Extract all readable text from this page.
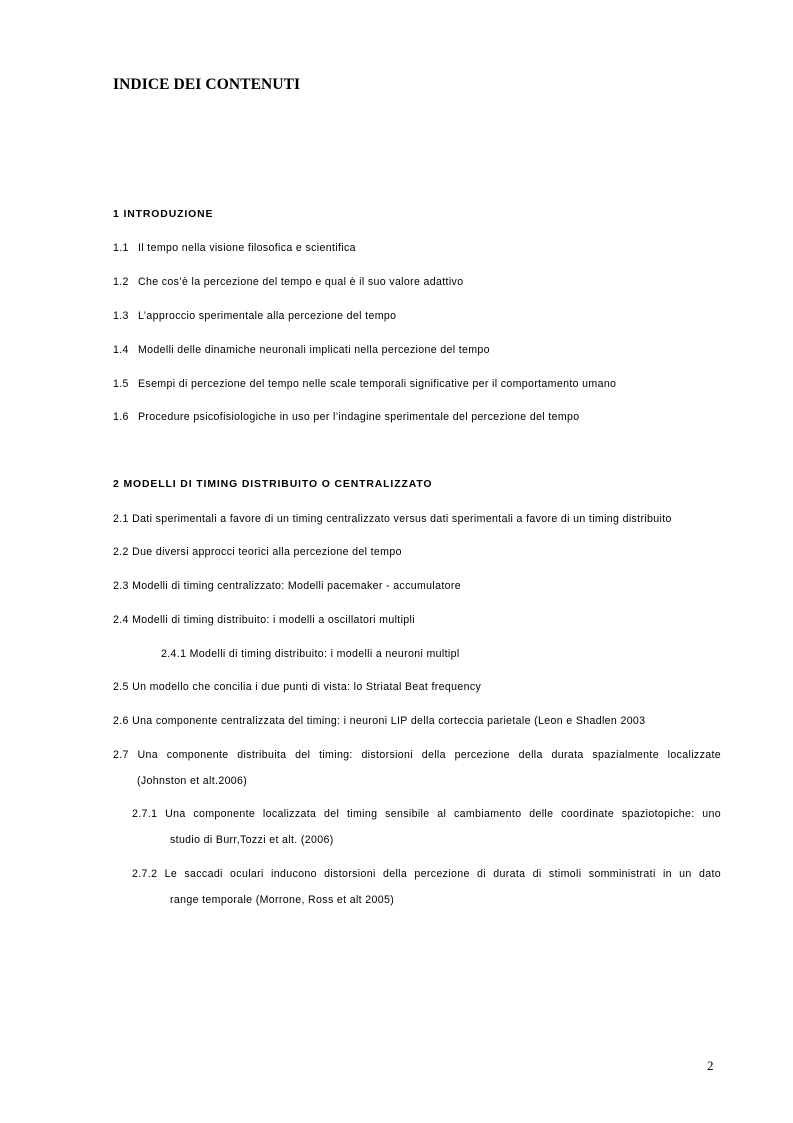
INDICE DEI CONTENUTI
1 INTRODUZIONE
1.1 Il tempo nella visione filosofica e scientifica
1.2 Che cos’è la percezione del tempo e qual è il suo valore adattivo
1.3 L’approccio sperimentale alla percezione del tempo
1.4 Modelli delle dinamiche neuronali implicati nella percezione del tempo
1.5 Esempi di percezione del tempo nelle scale temporali significative per il comportamento umano
1.6 Procedure psicofisiologiche in uso per l’indagine sperimentale del percezione del tempo
2 MODELLI DI TIMING DISTRIBUITO O CENTRALIZZATO
2.1 Dati sperimentali a favore di un timing centralizzato versus dati sperimentali a favore di un timing distribuito
2.2 Due diversi approcci teorici alla percezione del tempo
2.3 Modelli di timing centralizzato: Modelli pacemaker - accumulatore
2.4 Modelli di timing distribuito: i modelli a oscillatori multipli
2.4.1 Modelli di timing distribuito: i modelli a neuroni multipl
2.5 Un modello che concilia i due punti di vista: lo Striatal Beat frequency
2.6 Una componente centralizzata del timing: i neuroni LIP della corteccia parietale (Leon e Shadlen 2003
2.7 Una componente distribuita del timing: distorsioni della percezione della durata spazialmente localizzate
(Johnston et alt.2006)
2.7.1 Una componente localizzata del timing sensibile al cambiamento delle coordinate spaziotopiche: uno
studio di Burr,Tozzi et alt. (2006)
2.7.2 Le saccadi oculari inducono distorsioni della percezione di durata di stimoli somministrati in un dato
range temporale (Morrone, Ross et alt 2005)
2
